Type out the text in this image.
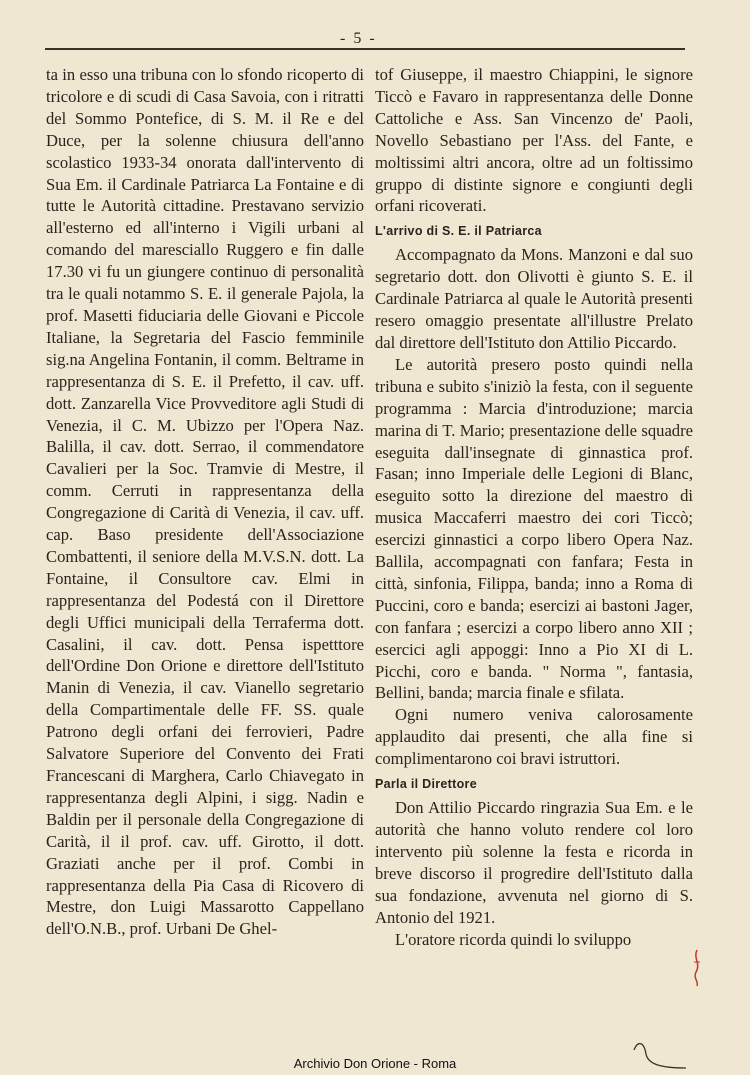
- 5 -

ta in esso una tribuna con lo sfondo ricoperto di tricolore e di scudi di Casa Savoia, con i ritratti del Sommo Pontefice, di S. M. il Re e del Duce, per la solenne chiusura dell'anno scolastico 1933-34 onorata dall'intervento di Sua Em. il Cardinale Patriarca La Fontaine e di tutte le Autorità cittadine. Prestavano servizio all'esterno ed all'interno i Vigili urbani al comando del maresciallo Ruggero e fin dalle 17.30 vi fu un giungere continuo di personalità tra le quali notammo S. E. il generale Pajola, la prof. Masetti fiduciaria delle Giovani e Piccole Italiane, la Segretaria del Fascio femminile sig.na Angelina Fontanin, il comm. Beltrame in rappresentanza di S. E. il Prefetto, il cav. uff. dott. Zanzarella Vice Provveditore agli Studi di Venezia, il C. M. Ubizzo per l'Opera Naz. Balilla, il cav. dott. Serrao, il commendatore Cavalieri per la Soc. Tramvie di Mestre, il comm. Cerruti in rappresentanza della Congregazione di Carità di Venezia, il cav. uff. cap. Baso presidente dell'Associazione Combattenti, il seniore della M.V.S.N. dott. La Fontaine, il Consultore cav. Elmi in rappresentanza del Podestá con il Direttore degli Uffici municipali della Terraferma dott. Casalini, il cav. dott. Pensa ispetttore dell'Ordine Don Orione e direttore dell'Istituto Manin di Venezia, il cav. Vianello segretario della Compartimentale delle FF. SS. quale Patrono degli orfani dei ferrovieri, Padre Salvatore Superiore del Convento dei Frati Francescani di Marghera, Carlo Chiavegato in rappresentanza degli Alpini, i sigg. Nadin e Baldin per il personale della Congregazione di Carità, il il prof. cav. uff. Girotto, il dott. Graziati anche per il prof. Combi in rappresentanza della Pia Casa di Ricovero di Mestre, don Luigi Massarotto Cappellano dell'O.N.B., prof. Urbani De Ghel-

tof Giuseppe, il maestro Chiappini, le signore Ticcò e Favaro in rappresentanza delle Donne Cattoliche e Ass. San Vincenzo de' Paoli, Novello Sebastiano per l'Ass. del Fante, e moltissimi altri ancora, oltre ad un foltissimo gruppo di distinte signore e congiunti degli orfani ricoverati.

L'arrivo di S. E. il Patriarca

Accompagnato da Mons. Manzoni e dal suo segretario dott. don Olivotti è giunto S. E. il Cardinale Patriarca al quale le Autorità presenti resero omaggio presentate all'illustre Prelato dal direttore dell'Istituto don Attilio Piccardo.

Le autorità presero posto quindi nella tribuna e subito s'iniziò la festa, con il seguente programma : Marcia d'introduzione; marcia marina di T. Mario; presentazione delle squadre eseguita dall'insegnate di ginnastica prof. Fasan; inno Imperiale delle Legioni di Blanc, eseguito sotto la direzione del maestro di musica Maccaferri maestro dei cori Ticcò; esercizi ginnastici a corpo libero Opera Naz. Ballila, accompagnati con fanfara; Festa in città, sinfonia, Filippa, banda; inno a Roma di Puccini, coro e banda; esercizi ai bastoni Jager, con fanfara ; esercizi a corpo libero anno XII ; esercici agli appoggi: Inno a Pio XI di L. Picchi, coro e banda. " Norma ", fantasia, Bellini, banda; marcia finale e sfilata.

Ogni numero veniva calorosamente applaudito dai presenti, che alla fine si complimentarono coi bravi istruttori.

Parla il Direttore

Don Attilio Piccardo ringrazia Sua Em. e le autorità che hanno voluto rendere col loro intervento più solenne la festa e ricorda in breve discorso il progredire dell'Istituto dalla sua fondazione, avvenuta nel giorno di S. Antonio del 1921.

L'oratore ricorda quindi lo sviluppo

Archivio Don Orione - Roma
